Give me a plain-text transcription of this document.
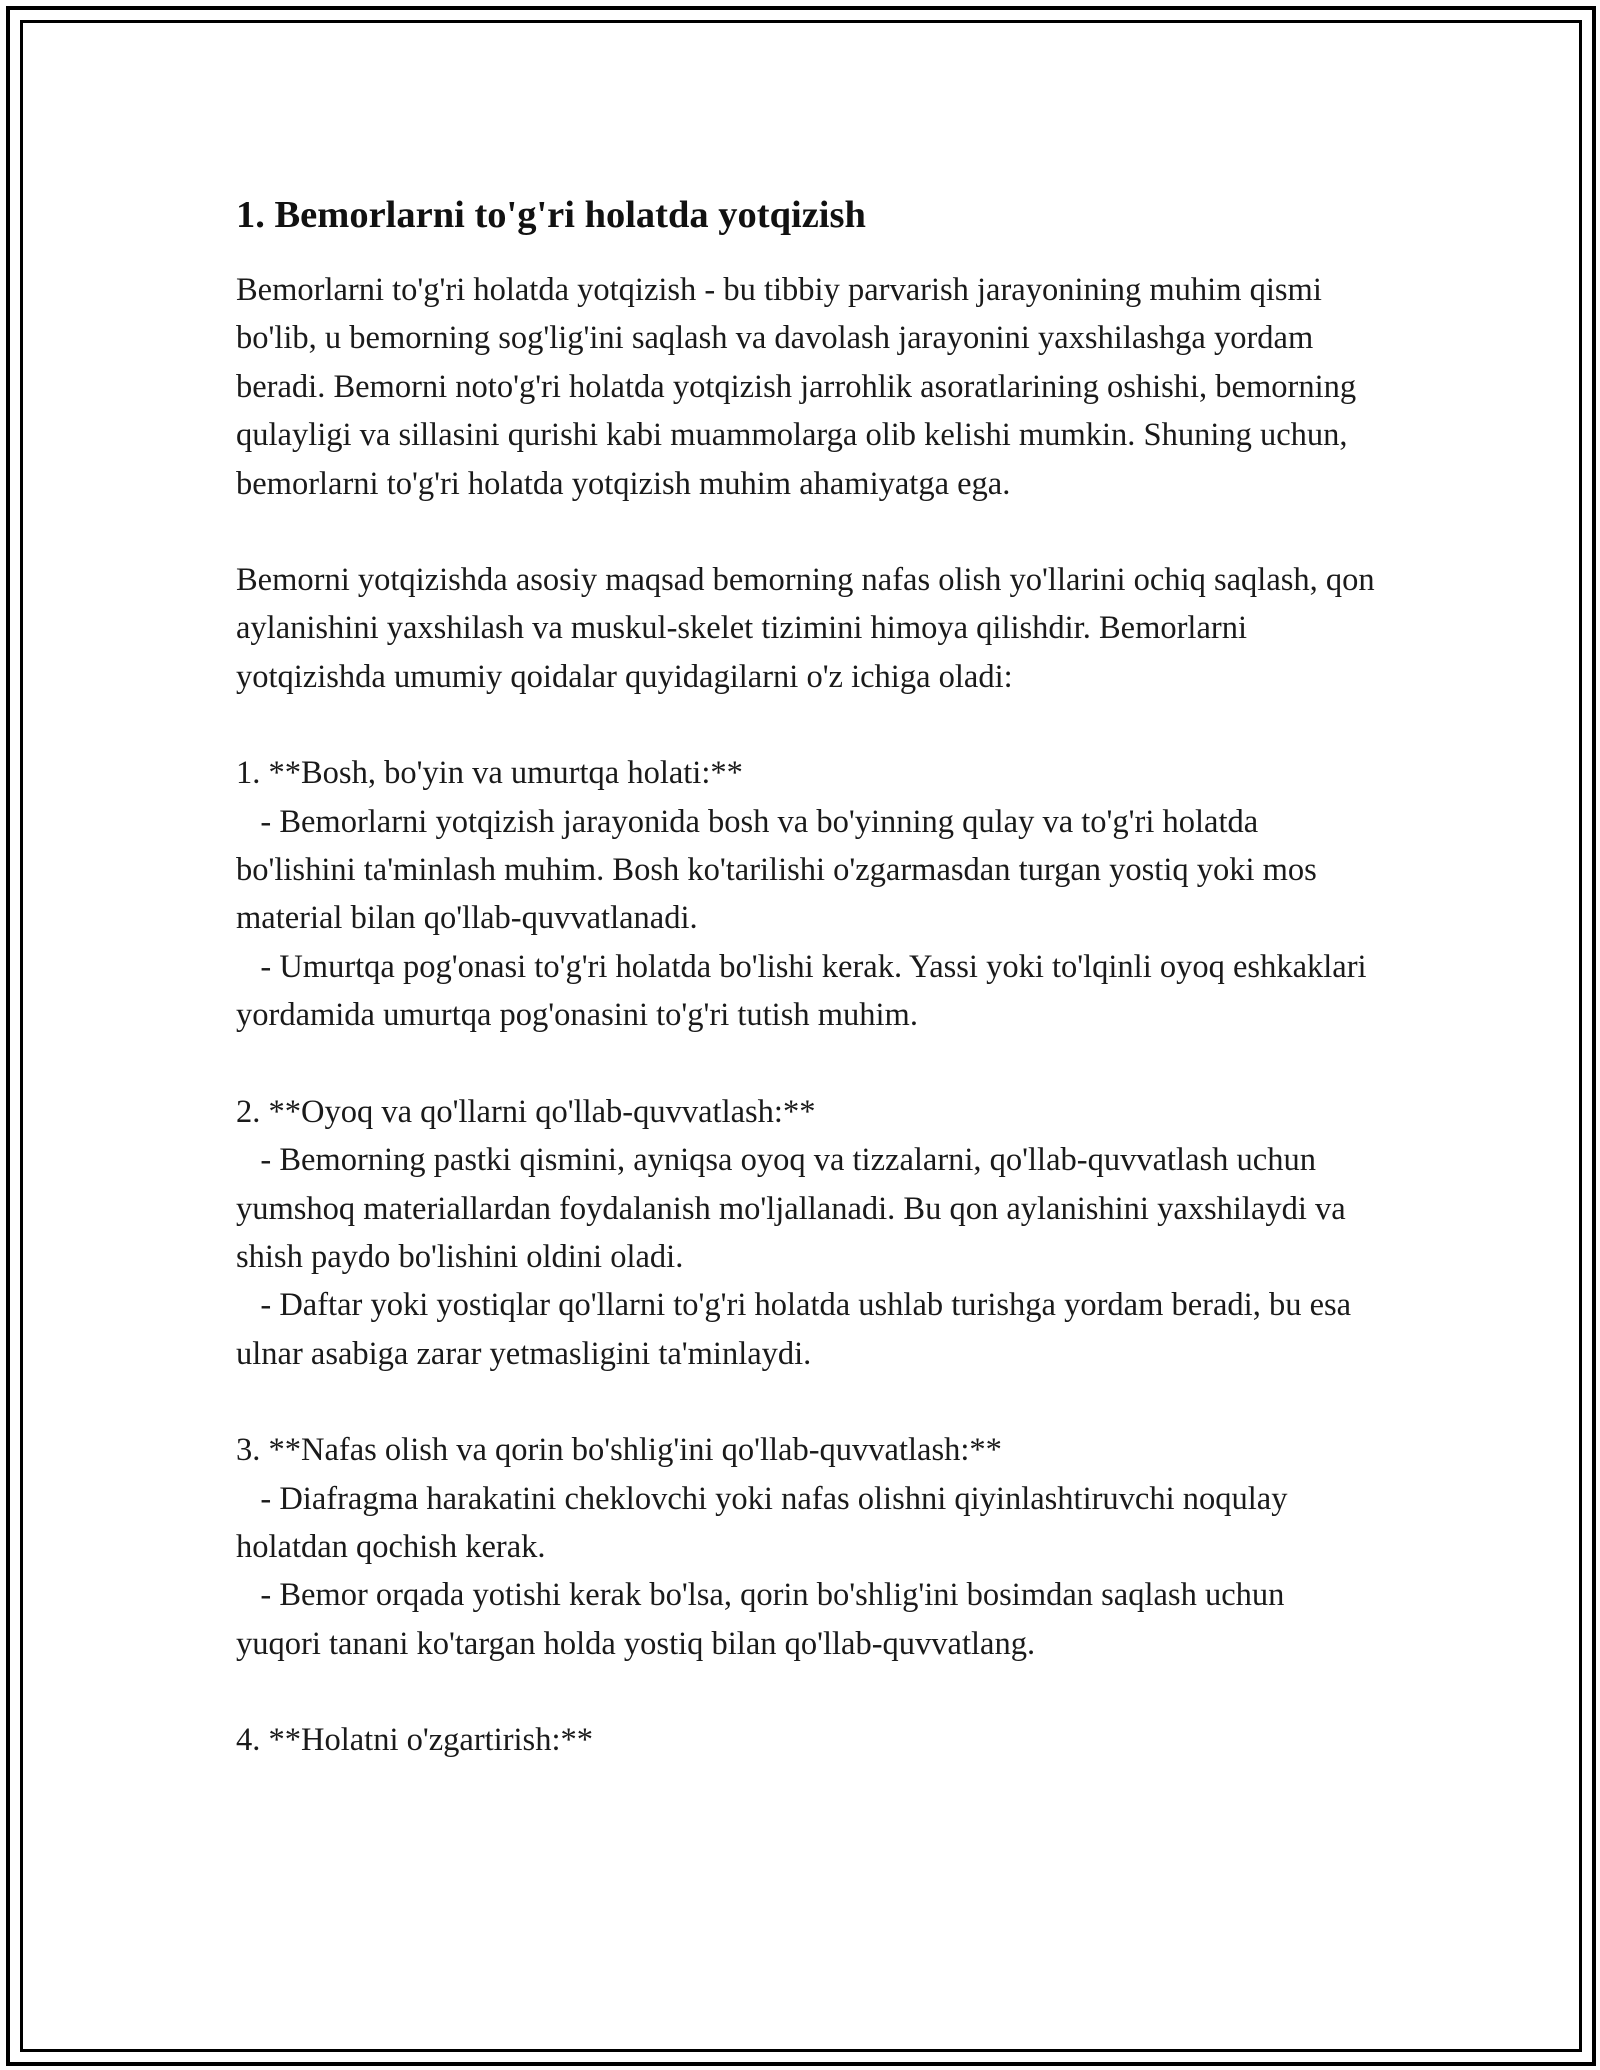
1. Bemorlarni to'g'ri holatda yotqizish

Bemorlarni to'g'ri holatda yotqizish - bu tibbiy parvarish jarayonining muhim qismi bo'lib, u bemorning sog'lig'ini saqlash va davolash jarayonini yaxshilashga yordam beradi. Bemorni noto'g'ri holatda yotqizish jarrohlik asoratlarining oshishi, bemorning qulayligi va sillasini qurishi kabi muammolarga olib kelishi mumkin. Shuning uchun, bemorlarni to'g'ri holatda yotqizish muhim ahamiyatga ega.

Bemorni yotqizishda asosiy maqsad bemorning nafas olish yo'llarini ochiq saqlash, qon aylanishini yaxshilash va muskul-skelet tizimini himoya qilishdir. Bemorlarni yotqizishda umumiy qoidalar quyidagilarni o'z ichiga oladi:

1. **Bosh, bo'yin va umurtqa holati:**
- Bemorlarni yotqizish jarayonida bosh va bo'yinning qulay va to'g'ri holatda bo'lishini ta'minlash muhim. Bosh ko'tarilishi o'zgarmasdan turgan yostiq yoki mos material bilan qo'llab-quvvatlanadi.
- Umurtqa pog'onasi to'g'ri holatda bo'lishi kerak. Yassi yoki to'lqinli oyoq eshkaklari yordamida umurtqa pog'onasini to'g'ri tutish muhim.
2. **Oyoq va qo'llarni qo'llab-quvvatlash:**
- Bemorning pastki qismini, ayniqsa oyoq va tizzalarni, qo'llab-quvvatlash uchun yumshoq materiallardan foydalanish mo'ljallanadi. Bu qon aylanishini yaxshilaydi va shish paydo bo'lishini oldini oladi.
- Daftar yoki yostiqlar qo'llarni to'g'ri holatda ushlab turishga yordam beradi, bu esa ulnar asabiga zarar yetmasligini ta'minlaydi.
3. **Nafas olish va qorin bo'shlig'ini qo'llab-quvvatlash:**
- Diafragma harakatini cheklovchi yoki nafas olishni qiyinlashtiruvchi noqulay holatdan qochish kerak.
- Bemor orqada yotishi kerak bo'lsa, qorin bo'shlig'ini bosimdan saqlash uchun yuqori tanani ko'targan holda yostiq bilan qo'llab-quvvatlang.
4. **Holatni o'zgartirish:**
